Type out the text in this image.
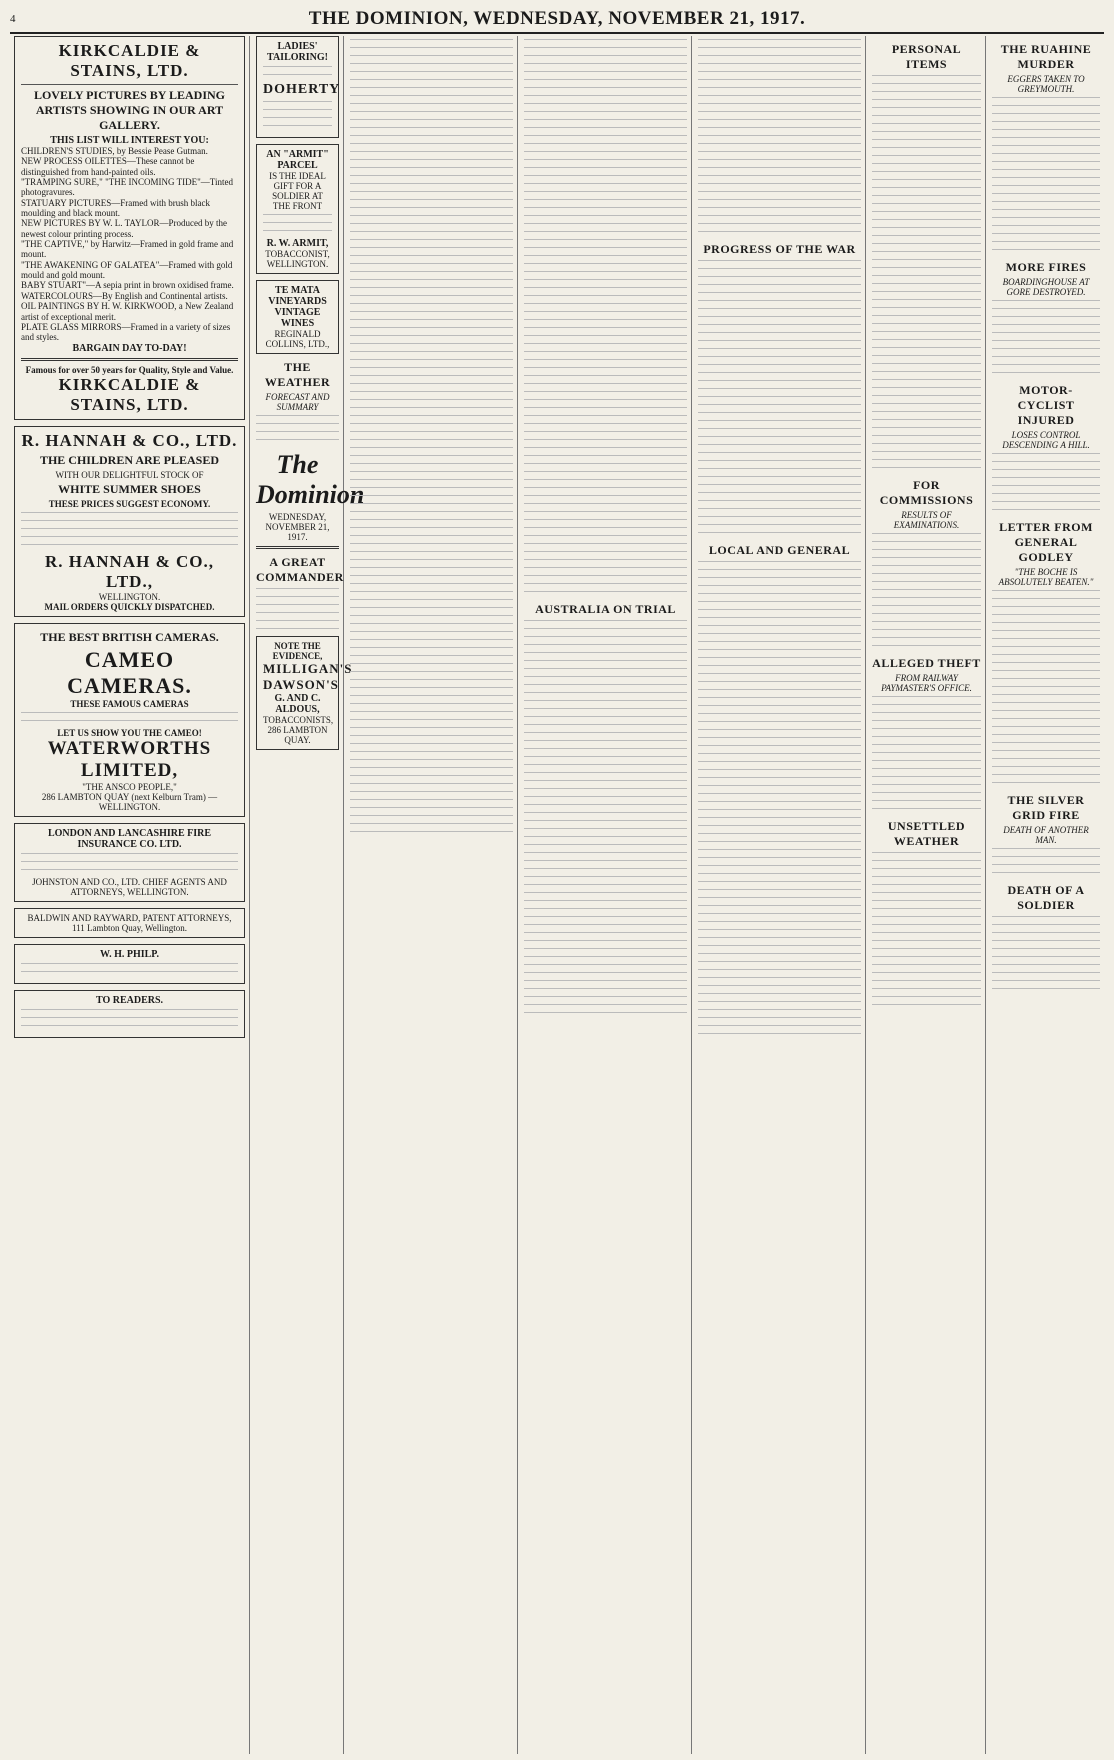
4	THE DOMINION, WEDNESDAY, NOVEMBER 21, 1917.
KIRKCALDIE & STAINS, LTD.
LOVELY PICTURES BY LEADING ARTISTS SHOWING IN OUR ART GALLERY.
THIS LIST WILL INTEREST YOU:
CHILDREN'S STUDIES, by Bessie Pease Gutman.
NEW PROCESS OILETTES—These cannot be distinguished from hand-painted oils.
"TRAMPING SURE," "THE INCOMING TIDE"—Tinted photogravures.
STATUARY PICTURES—Framed with brush black moulding and black mount.
NEW PICTURES BY W. L. TAYLOR—Produced by the newest colour printing process.
"THE CAPTIVE," by Harwitz—Framed in gold frame and mount.
"THE AWAKENING OF GALATEA"—Framed with gold mould and gold mount.
BABY STUART"—A sepia print in brown oxidised frame.
WATERCOLOURS—By English and Continental artists.
OIL PAINTINGS BY H. W. KIRKWOOD, a New Zealand artist of exceptional merit.
PLATE GLASS MIRRORS—Framed in a variety of sizes and styles.
BARGAIN DAY TO-DAY!
Famous for over 50 years for Quality, Style and Value.
KIRKCALDIE & STAINS, LTD.
R. HANNAH & CO., LTD.
THE CHILDREN ARE PLEASED
WITH OUR DELIGHTFUL STOCK OF
WHITE SUMMER SHOES
THESE PRICES SUGGEST ECONOMY.
R. HANNAH & CO., LTD.,
WELLINGTON.
MAIL ORDERS QUICKLY DISPATCHED.
THE BEST BRITISH CAMERAS.
CAMEO CAMERAS.
THESE FAMOUS CAMERAS
LET US SHOW YOU THE CAMEO!
WATERWORTHS LIMITED,
"THE ANSCO PEOPLE,"
286 LAMBTON QUAY (next Kelburn Tram) — WELLINGTON.
LONDON AND LANCASHIRE FIRE INSURANCE CO. LTD.
JOHNSTON AND CO., LTD. CHIEF AGENTS AND ATTORNEYS, WELLINGTON.
BALDWIN AND RAYWARD, PATENT ATTORNEYS, 111 Lambton Quay, Wellington.
W. H. PHILP.
TO READERS.
LADIES' TAILORING!
DOHERTY
AN "ARMIT" PARCEL
IS THE IDEAL GIFT FOR A SOLDIER AT THE FRONT
R. W. ARMIT,
TOBACCONIST,
WELLINGTON.
TE MATA VINEYARDS
VINTAGE WINES
REGINALD COLLINS, LTD.,
THE WEATHER
FORECAST AND SUMMARY
The Dominion
WEDNESDAY, NOVEMBER 21, 1917.
A GREAT COMMANDER
NOTE THE EVIDENCE,
MILLIGAN'S
DAWSON'S
G. AND C. ALDOUS,
TOBACCONISTS,
286 LAMBTON QUAY.
AUSTRALIA ON TRIAL
PROGRESS OF THE WAR
LOCAL AND GENERAL
PERSONAL ITEMS
FOR COMMISSIONS
RESULTS OF EXAMINATIONS.
ALLEGED THEFT
FROM RAILWAY PAYMASTER'S OFFICE.
UNSETTLED WEATHER
THE RUAHINE MURDER
EGGERS TAKEN TO GREYMOUTH.
MORE FIRES
BOARDINGHOUSE AT GORE DESTROYED.
MOTOR-CYCLIST INJURED
LOSES CONTROL DESCENDING A HILL.
LETTER FROM GENERAL GODLEY
"THE BOCHE IS ABSOLUTELY BEATEN."
THE SILVER GRID FIRE
DEATH OF ANOTHER MAN.
DEATH OF A SOLDIER
